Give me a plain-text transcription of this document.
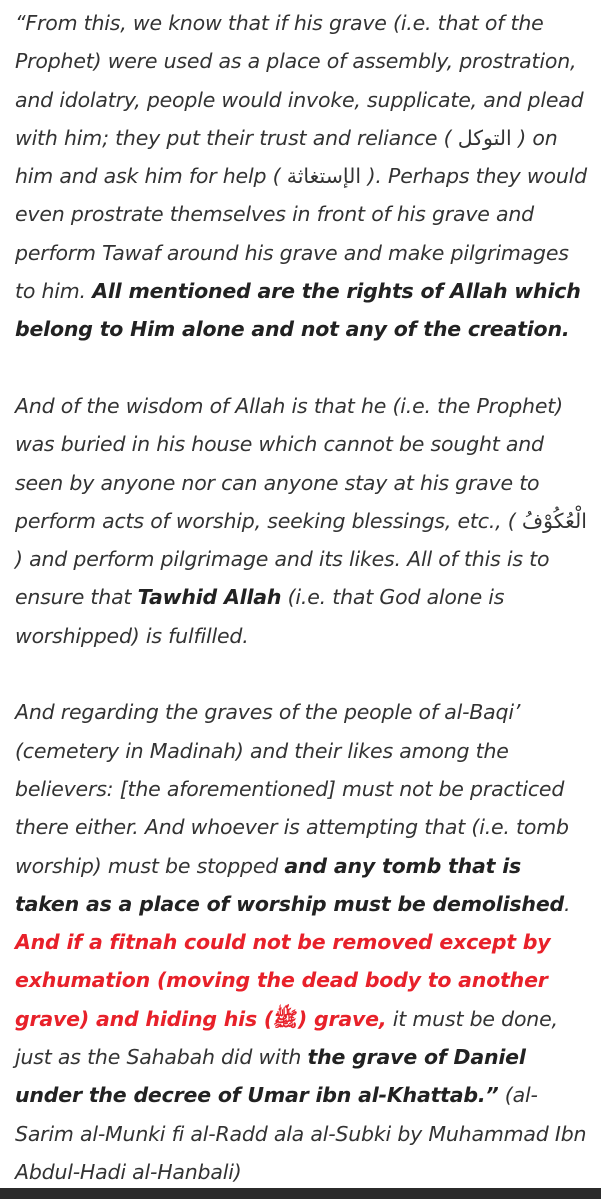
“From this, we know that if his grave (i.e. that of the Prophet) were used as a place of assembly, prostration, and idolatry, people would invoke, supplicate, and plead with him; they put their trust and reliance ( التوكل ) on him and ask him for help ( الإستغاثة ). Perhaps they would even prostrate themselves in front of his grave and perform Tawaf around his grave and make pilgrimages to him. All mentioned are the rights of Allah which belong to Him alone and not any of the creation.

And of the wisdom of Allah is that he (i.e. the Prophet) was buried in his house which cannot be sought and seen by anyone nor can anyone stay at his grave to perform acts of worship, seeking blessings, etc., ( الْعُكُوْفُ ) and perform pilgrimage and its likes. All of this is to ensure that Tawhid Allah (i.e. that God alone is worshipped) is fulfilled.

And regarding the graves of the people of al-Baqi’ (cemetery in Madinah) and their likes among the believers: [the aforementioned] must not be practiced there either. And whoever is attempting that (i.e. tomb worship) must be stopped and any tomb that is taken as a place of worship must be demolished. And if a fitnah could not be removed except by exhumation (moving the dead body to another grave) and hiding his (ﷺ) grave, it must be done, just as the Sahabah did with the grave of Daniel under the decree of Umar ibn al-Khattab.” (al-Sarim al-Munki fi al-Radd ala al-Subki by Muhammad Ibn Abdul-Hadi al-Hanbali)
